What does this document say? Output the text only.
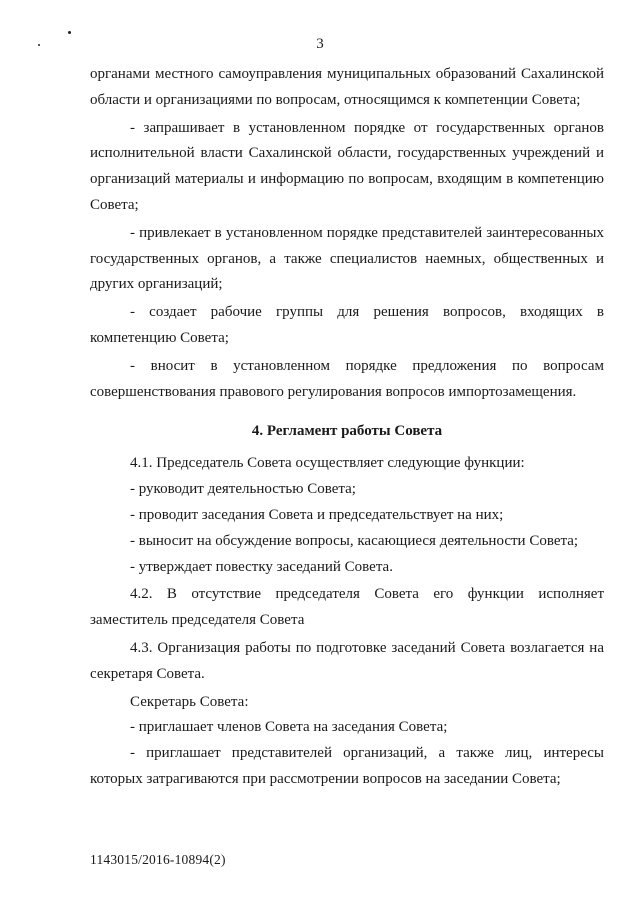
3

органами местного самоуправления муниципальных образований Сахалинской области и организациями по вопросам, относящимся к компетенции Совета;

- запрашивает в установленном порядке от государственных органов исполнительной власти Сахалинской области, государственных учреждений и организаций материалы и информацию по вопросам, входящим в компетенцию Совета;

- привлекает в установленном порядке представителей заинтересованных государственных органов, а также специалистов наемных, общественных и других организаций;

- создает рабочие группы для решения вопросов, входящих в компетенцию Совета;

- вносит в установленном порядке предложения по вопросам совершенствования правового регулирования вопросов импортозамещения.

4. Регламент работы Совета

4.1. Председатель Совета осуществляет следующие функции:

- руководит деятельностью Совета;

- проводит заседания Совета и председательствует на них;

- выносит на обсуждение вопросы, касающиеся деятельности Совета;

- утверждает повестку заседаний Совета.

4.2. В отсутствие председателя Совета его функции исполняет заместитель председателя Совета

4.3. Организация работы по подготовке заседаний Совета возлагается на секретаря Совета.

Секретарь Совета:

- приглашает членов Совета на заседания Совета;

- приглашает представителей организаций, а также лиц, интересы которых затрагиваются при рассмотрении вопросов на заседании Совета;

1143015/2016-10894(2)
